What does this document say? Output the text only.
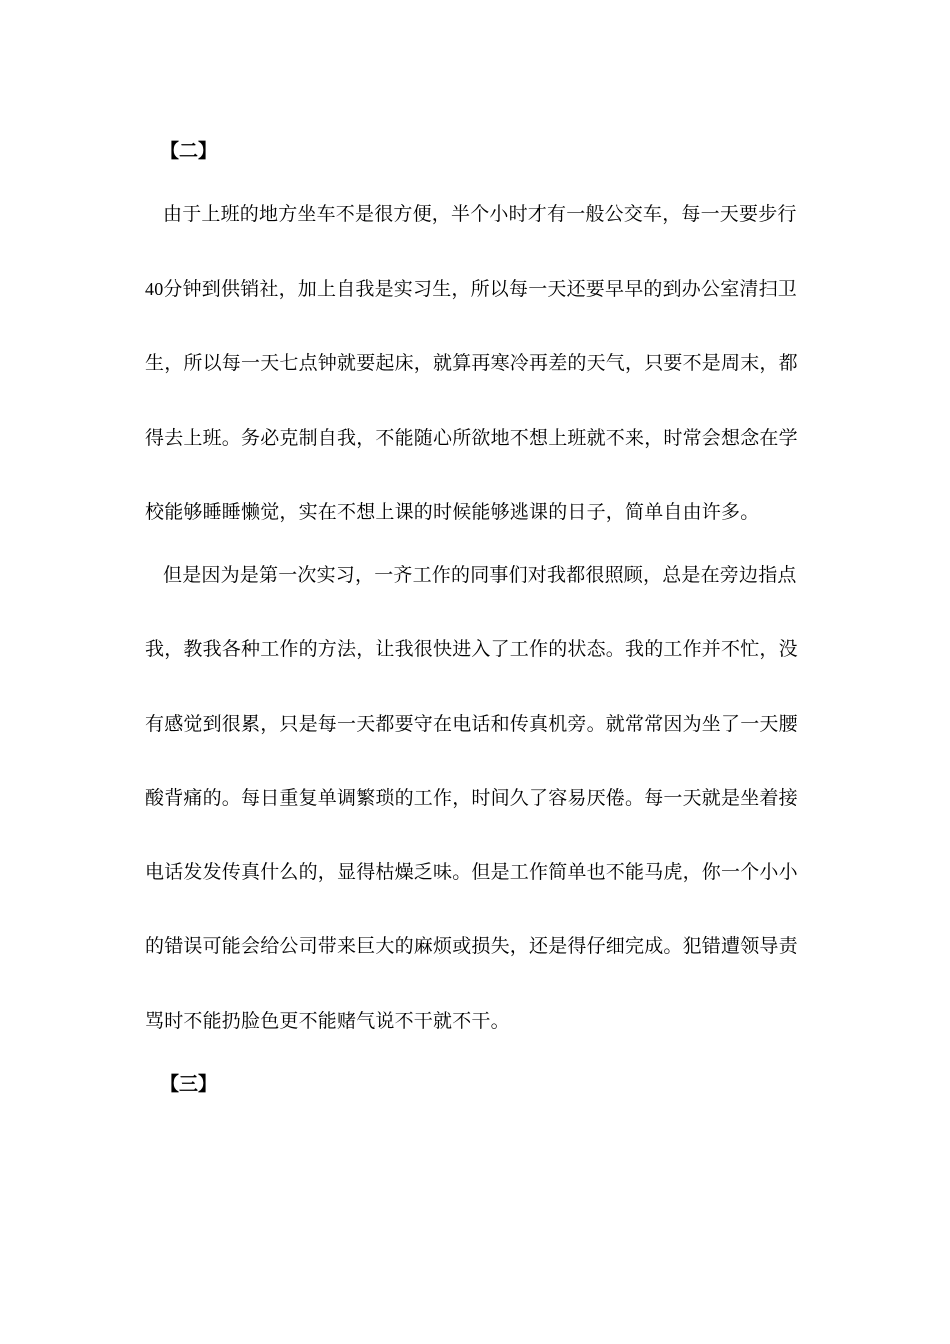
【二】
由于上班的地方坐车不是很方便，半个小时才有一般公交车，每一天要步行
40分钟到供销社，加上自我是实习生，所以每一天还要早早的到办公室清扫卫
生，所以每一天七点钟就要起床，就算再寒冷再差的天气，只要不是周末，都
得去上班。务必克制自我，不能随心所欲地不想上班就不来，时常会想念在学
校能够睡睡懒觉，实在不想上课的时候能够逃课的日子，简单自由许多。
但是因为是第一次实习，一齐工作的同事们对我都很照顾，总是在旁边指点
我，教我各种工作的方法，让我很快进入了工作的状态。我的工作并不忙，没
有感觉到很累，只是每一天都要守在电话和传真机旁。就常常因为坐了一天腰
酸背痛的。每日重复单调繁琐的工作，时间久了容易厌倦。每一天就是坐着接
电话发发传真什么的，显得枯燥乏味。但是工作简单也不能马虎，你一个小小
的错误可能会给公司带来巨大的麻烦或损失，还是得仔细完成。犯错遭领导责
骂时不能扔脸色更不能赌气说不干就不干。
【三】
